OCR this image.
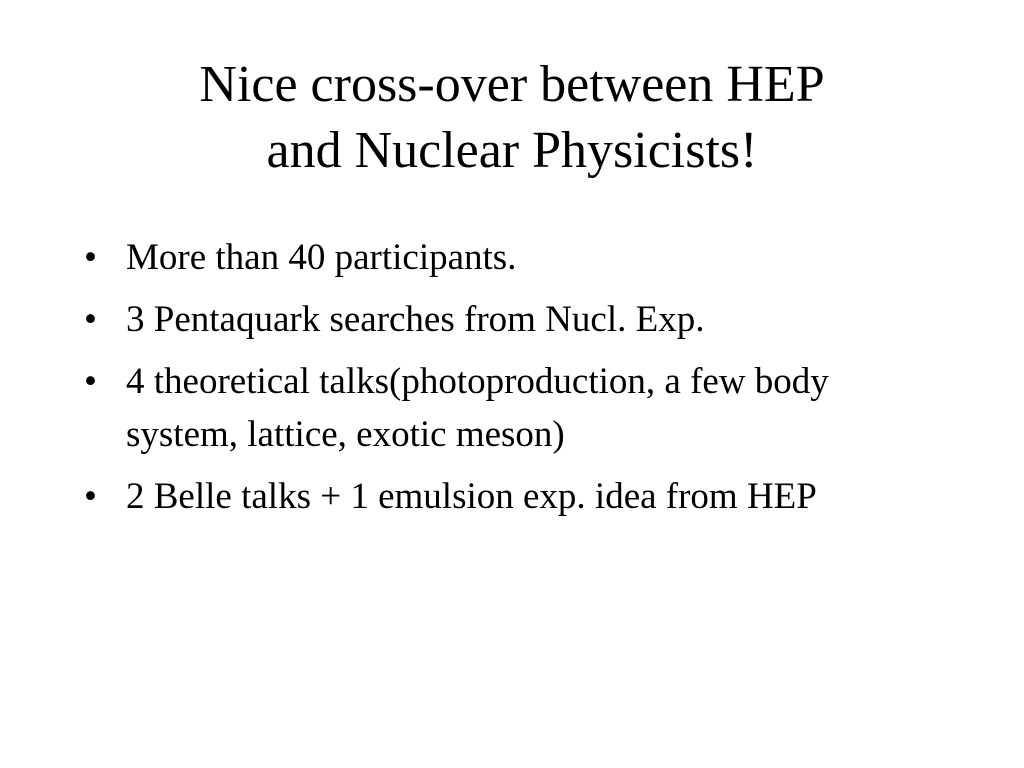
Nice cross-over between HEP
and Nuclear Physicists!
• More than 40 participants.
• 3 Pentaquark searches from Nucl. Exp.
• 4 theoretical talks(photoproduction, a few body system, lattice, exotic meson)
• 2 Belle talks + 1 emulsion exp. idea from HEP
